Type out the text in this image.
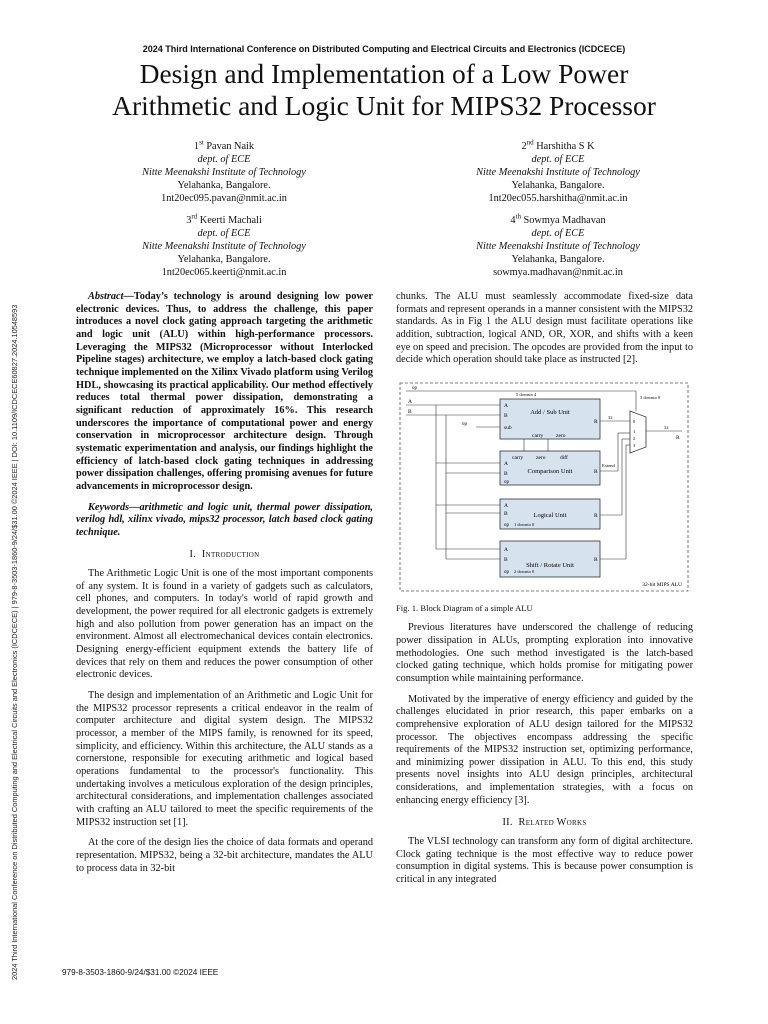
2024 Third International Conference on Distributed Computing and Electrical Circuits and Electronics (ICDCECE) | 979-8-3503-1860-9/24/$31.00 ©2024 IEEE | DOI: 10.1109/ICDCECE60827.2024.10548593
2024 Third International Conference on Distributed Computing and Electrical Circuits and Electronics (ICDCECE)
Design and Implementation of a Low Power
Arithmetic and Logic Unit for MIPS32 Processor
1st Pavan Naik
dept. of ECE
Nitte Meenakshi Institute of Technology
Yelahanka, Bangalore.
1nt20ec095.pavan@nmit.ac.in
2nd Harshitha S K
dept. of ECE
Nitte Meenakshi Institute of Technology
Yelahanka, Bangalore.
1nt20ec055.harshitha@nmit.ac.in
3rd Keerti Machali
dept. of ECE
Nitte Meenakshi Institute of Technology
Yelahanka, Bangalore.
1nt20ec065.keerti@nmit.ac.in
4th Sowmya Madhavan
dept. of ECE
Nitte Meenakshi Institute of Technology
Yelahanka, Bangalore.
sowmya.madhavan@nmit.ac.in

Abstract—Today’s technology is around designing low power electronic devices. Thus, to address the challenge, this paper introduces a novel clock gating approach targeting the arithmetic and logic unit (ALU) within high-performance processors. Leveraging the MIPS32 (Microprocessor without Interlocked Pipeline stages) architecture, we employ a latch-based clock gating technique implemented on the Xilinx Vivado platform using Verilog HDL, showcasing its practical applicability. Our method effectively reduces total thermal power dissipation, demonstrating a significant reduction of approximately 16%. This research underscores the importance of computational power and energy conservation in microprocessor architecture design. Through systematic experimentation and analysis, our findings highlight the efficiency of latch-based clock gating techniques in addressing power dissipation challenges, offering promising avenues for future advancements in microprocessor design.

Keywords—arithmetic and logic unit, thermal power dissipation, verilog hdl, xilinx vivado, mips32 processor, latch based clock gating technique.

I. Introduction

The Arithmetic Logic Unit is one of the most important components of any system. It is found in a variety of gadgets such as calculators, cell phones, and computers. In today's world of rapid growth and development, the power required for all electronic gadgets is extremely high and also pollution from power generation has an impact on the environment. Almost all electromechanical devices contain electronics. Designing energy-efficient equipment extends the battery life of devices that rely on them and reduces the power consumption of other electronic devices.

The design and implementation of an Arithmetic and Logic Unit for the MIPS32 processor represents a critical endeavor in the realm of computer architecture and digital system design. The MIPS32 processor, a member of the MIPS family, is renowned for its speed, simplicity, and efficiency. Within this architecture, the ALU stands as a cornerstone, responsible for executing arithmetic and logical based operations fundamental to the processor's functionality. This undertaking involves a meticulous exploration of the design principles, architectural considerations, and implementation challenges associated with crafting an ALU tailored to meet the specific requirements of the MIPS32 instruction set [1].

At the core of the design lies the choice of data formats and operand representation. MIPS32, being a 32-bit architecture, mandates the ALU to process data in 32-bit

chunks. The ALU must seamlessly accommodate fixed-size data formats and represent operands in a manner consistent with the MIPS32 standards. As in Fig 1 the ALU design must facilitate operations like addition, subtraction, logical AND, OR, XOR, and shifts with a keen eye on speed and precision. The opcodes are provided from the input to decide which operation should take place as instructed [2].

Add / Sub Unit
A
B
sub
R
carry zero
Comparison Unit
carry zero	diff
A
B	R
op
Logical Unit
A
B	R
op
Shift / Rotate Unit
A
B	R
op
A
B
op
op
Extend
32
32
5 downto 4
3 downto 0
1 downto 0
2 downto 0
0
1
2
3
R
32-bit MIPS ALU

Fig. 1. Block Diagram of a simple ALU

Previous literatures have underscored the challenge of reducing power dissipation in ALUs, prompting exploration into innovative methodologies. One such method investigated is the latch-based clocked gating technique, which holds promise for mitigating power consumption while maintaining performance.

Motivated by the imperative of energy efficiency and guided by the challenges elucidated in prior research, this paper embarks on a comprehensive exploration of ALU design tailored for the MIPS32 processor. The objectives encompass addressing the specific requirements of the MIPS32 instruction set, optimizing performance, and minimizing power dissipation in ALU. To this end, this study presents novel insights into ALU design principles, architectural considerations, and implementation strategies, with a focus on enhancing energy efficiency [3].

II. Related Works

The VLSI technology can transform any form of digital architecture. Clock gating technique is the most effective way to reduce power consumption in digital systems. This is because power consumption is critical in any integrated

979-8-3503-1860-9/24/$31.00 ©2024 IEEE
